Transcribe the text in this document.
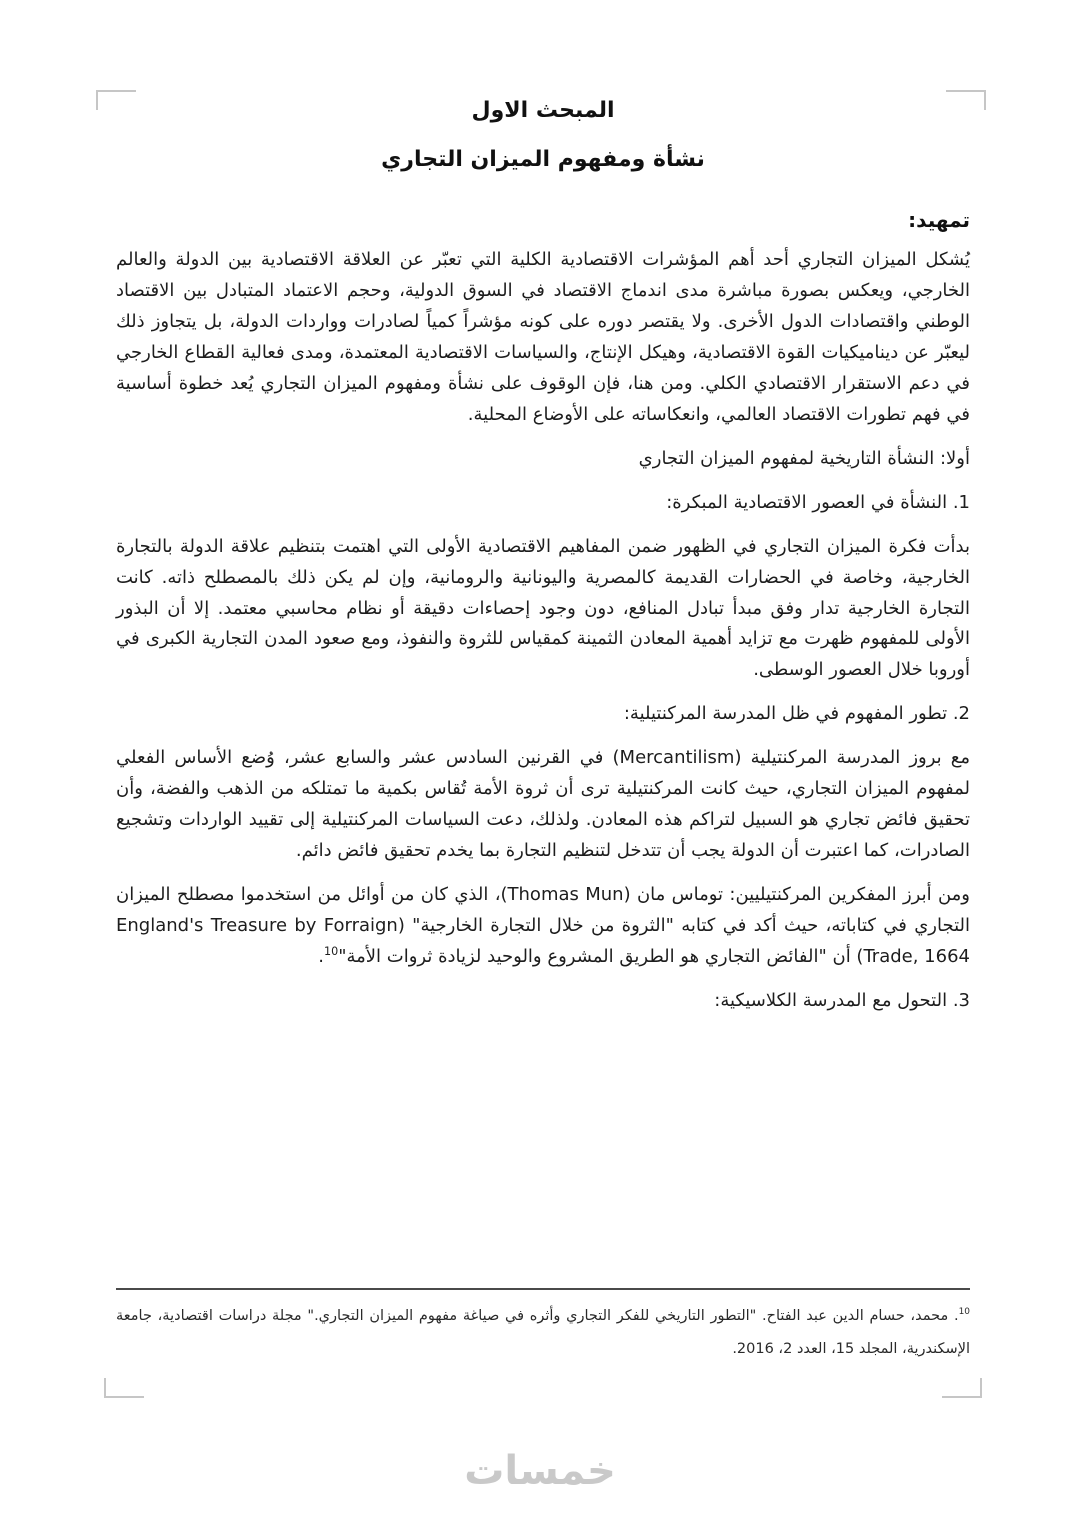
المبحث الاول
نشأة ومفهوم الميزان التجاري
تمهيد:

يُشكل الميزان التجاري أحد أهم المؤشرات الاقتصادية الكلية التي تعبّر عن العلاقة الاقتصادية بين الدولة والعالم الخارجي، ويعكس بصورة مباشرة مدى اندماج الاقتصاد في السوق الدولية، وحجم الاعتماد المتبادل بين الاقتصاد الوطني واقتصادات الدول الأخرى. ولا يقتصر دوره على كونه مؤشراً كمياً لصادرات وواردات الدولة، بل يتجاوز ذلك ليعبّر عن ديناميكيات القوة الاقتصادية، وهيكل الإنتاج، والسياسات الاقتصادية المعتمدة، ومدى فعالية القطاع الخارجي في دعم الاستقرار الاقتصادي الكلي. ومن هنا، فإن الوقوف على نشأة ومفهوم الميزان التجاري يُعد خطوة أساسية في فهم تطورات الاقتصاد العالمي، وانعكاساته على الأوضاع المحلية.

أولا: النشأة التاريخية لمفهوم الميزان التجاري

1. النشأة في العصور الاقتصادية المبكرة:

بدأت فكرة الميزان التجاري في الظهور ضمن المفاهيم الاقتصادية الأولى التي اهتمت بتنظيم علاقة الدولة بالتجارة الخارجية، وخاصة في الحضارات القديمة كالمصرية واليونانية والرومانية، وإن لم يكن ذلك بالمصطلح ذاته. كانت التجارة الخارجية تدار وفق مبدأ تبادل المنافع، دون وجود إحصاءات دقيقة أو نظام محاسبي معتمد. إلا أن البذور الأولى للمفهوم ظهرت مع تزايد أهمية المعادن الثمينة كمقياس للثروة والنفوذ، ومع صعود المدن التجارية الكبرى في أوروبا خلال العصور الوسطى.

2. تطور المفهوم في ظل المدرسة المركنتيلية:

مع بروز المدرسة المركنتيلية (Mercantilism) في القرنين السادس عشر والسابع عشر، وُضع الأساس الفعلي لمفهوم الميزان التجاري، حيث كانت المركنتيلية ترى أن ثروة الأمة تُقاس بكمية ما تمتلكه من الذهب والفضة، وأن تحقيق فائض تجاري هو السبيل لتراكم هذه المعادن. ولذلك، دعت السياسات المركنتيلية إلى تقييد الواردات وتشجيع الصادرات، كما اعتبرت أن الدولة يجب أن تتدخل لتنظيم التجارة بما يخدم تحقيق فائض دائم.

ومن أبرز المفكرين المركنتيليين: توماس مان (Thomas Mun)، الذي كان من أوائل من استخدموا مصطلح الميزان التجاري في كتاباته، حيث أكد في كتابه "الثروة من خلال التجارة الخارجية" (England's Treasure by Forraign Trade, 1664) أن "الفائض التجاري هو الطريق المشروع والوحيد لزيادة ثروات الأمة"$^{10}$.

3. التحول مع المدرسة الكلاسيكية:

$^{10}$. محمد، حسام الدين عبد الفتاح. "التطور التاريخي للفكر التجاري وأثره في صياغة مفهوم الميزان التجاري." مجلة دراسات اقتصادية، جامعة الإسكندرية، المجلد 15، العدد 2، 2016.

خمسات
